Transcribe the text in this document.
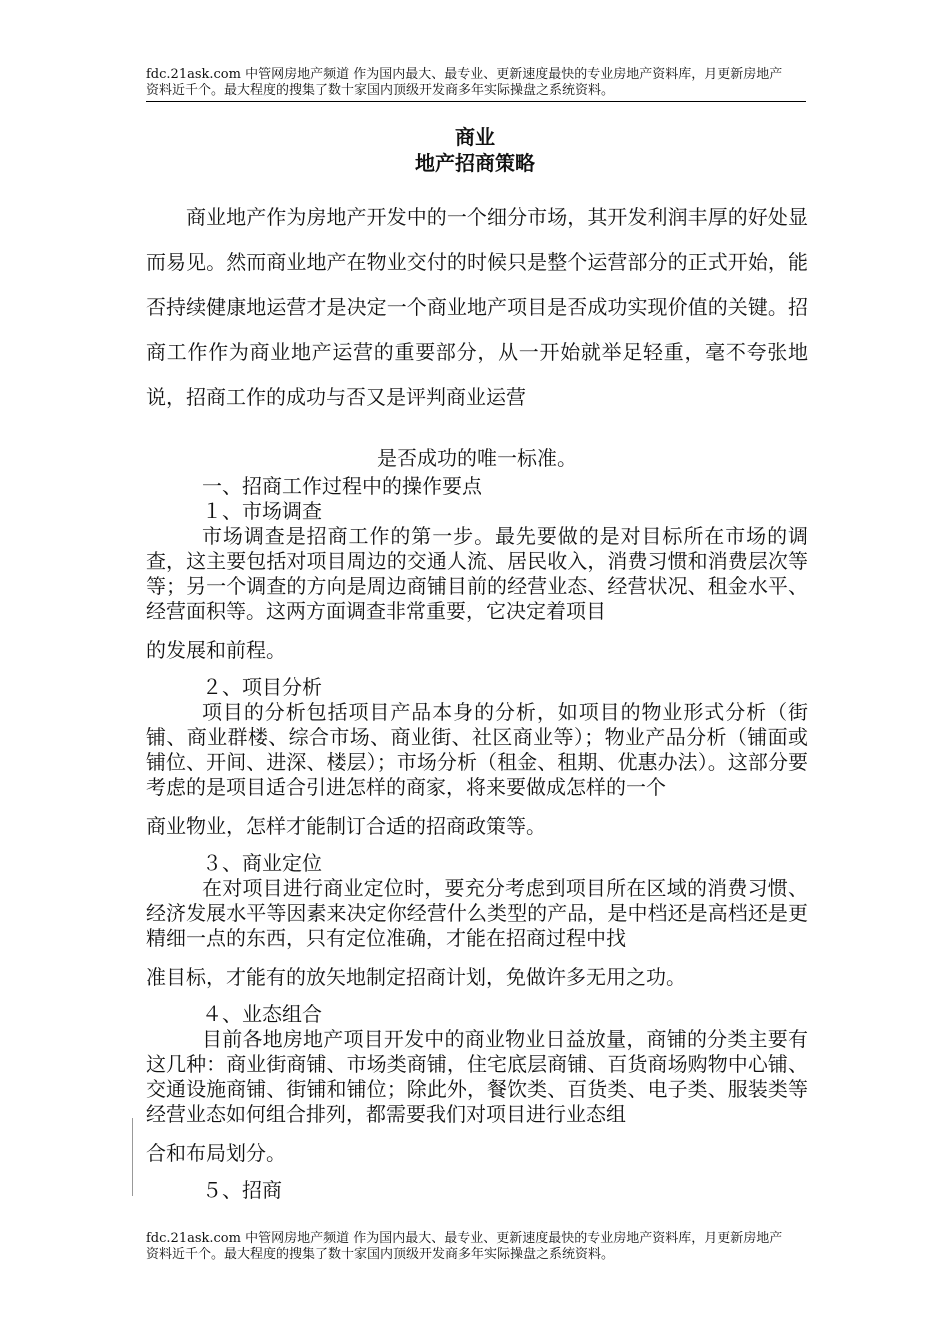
fdc.21ask.com 中管网房地产频道 作为国内最大、最专业、更新速度最快的专业房地产资料库，月更新房地产
资料近千个。最大程度的搜集了数十家国内顶级开发商多年实际操盘之系统资料。
商业
地产招商策略
商业地产作为房地产开发中的一个细分市场，其开发利润丰厚的好处显而易见。然而商业地产在物业交付的时候只是整个运营部分的正式开始，能否持续健康地运营才是决定一个商业地产项目是否成功实现价值的关键。招商工作作为商业地产运营的重要部分，从一开始就举足轻重，毫不夸张地说，招商工作的成功与否又是评判商业运营
是否成功的唯一标准。
一、招商工作过程中的操作要点
１、市场调查
市场调查是招商工作的第一步。最先要做的是对目标所在市场的调查，这主要包括对项目周边的交通人流、居民收入，消费习惯和消费层次等等；另一个调查的方向是周边商铺目前的经营业态、经营状况、租金水平、经营面积等。这两方面调查非常重要，它决定着项目
的发展和前程。
２、项目分析
项目的分析包括项目产品本身的分析，如项目的物业形式分析（街铺、商业群楼、综合市场、商业街、社区商业等）；物业产品分析（铺面或铺位、开间、进深、楼层）；市场分析（租金、租期、优惠办法）。这部分要考虑的是项目适合引进怎样的商家，将来要做成怎样的一个
商业物业，怎样才能制订合适的招商政策等。
３、商业定位
在对项目进行商业定位时，要充分考虑到项目所在区域的消费习惯、经济发展水平等因素来决定你经营什么类型的产品，是中档还是高档还是更精细一点的东西，只有定位准确，才能在招商过程中找
准目标，才能有的放矢地制定招商计划，免做许多无用之功。
４、业态组合
目前各地房地产项目开发中的商业物业日益放量，商铺的分类主要有这几种：商业街商铺、市场类商铺，住宅底层商铺、百货商场购物中心铺、交通设施商铺、街铺和铺位；除此外，餐饮类、百货类、电子类、服装类等经营业态如何组合排列，都需要我们对项目进行业态组
合和布局划分。
５、招商
fdc.21ask.com 中管网房地产频道 作为国内最大、最专业、更新速度最快的专业房地产资料库，月更新房地产
资料近千个。最大程度的搜集了数十家国内顶级开发商多年实际操盘之系统资料。
